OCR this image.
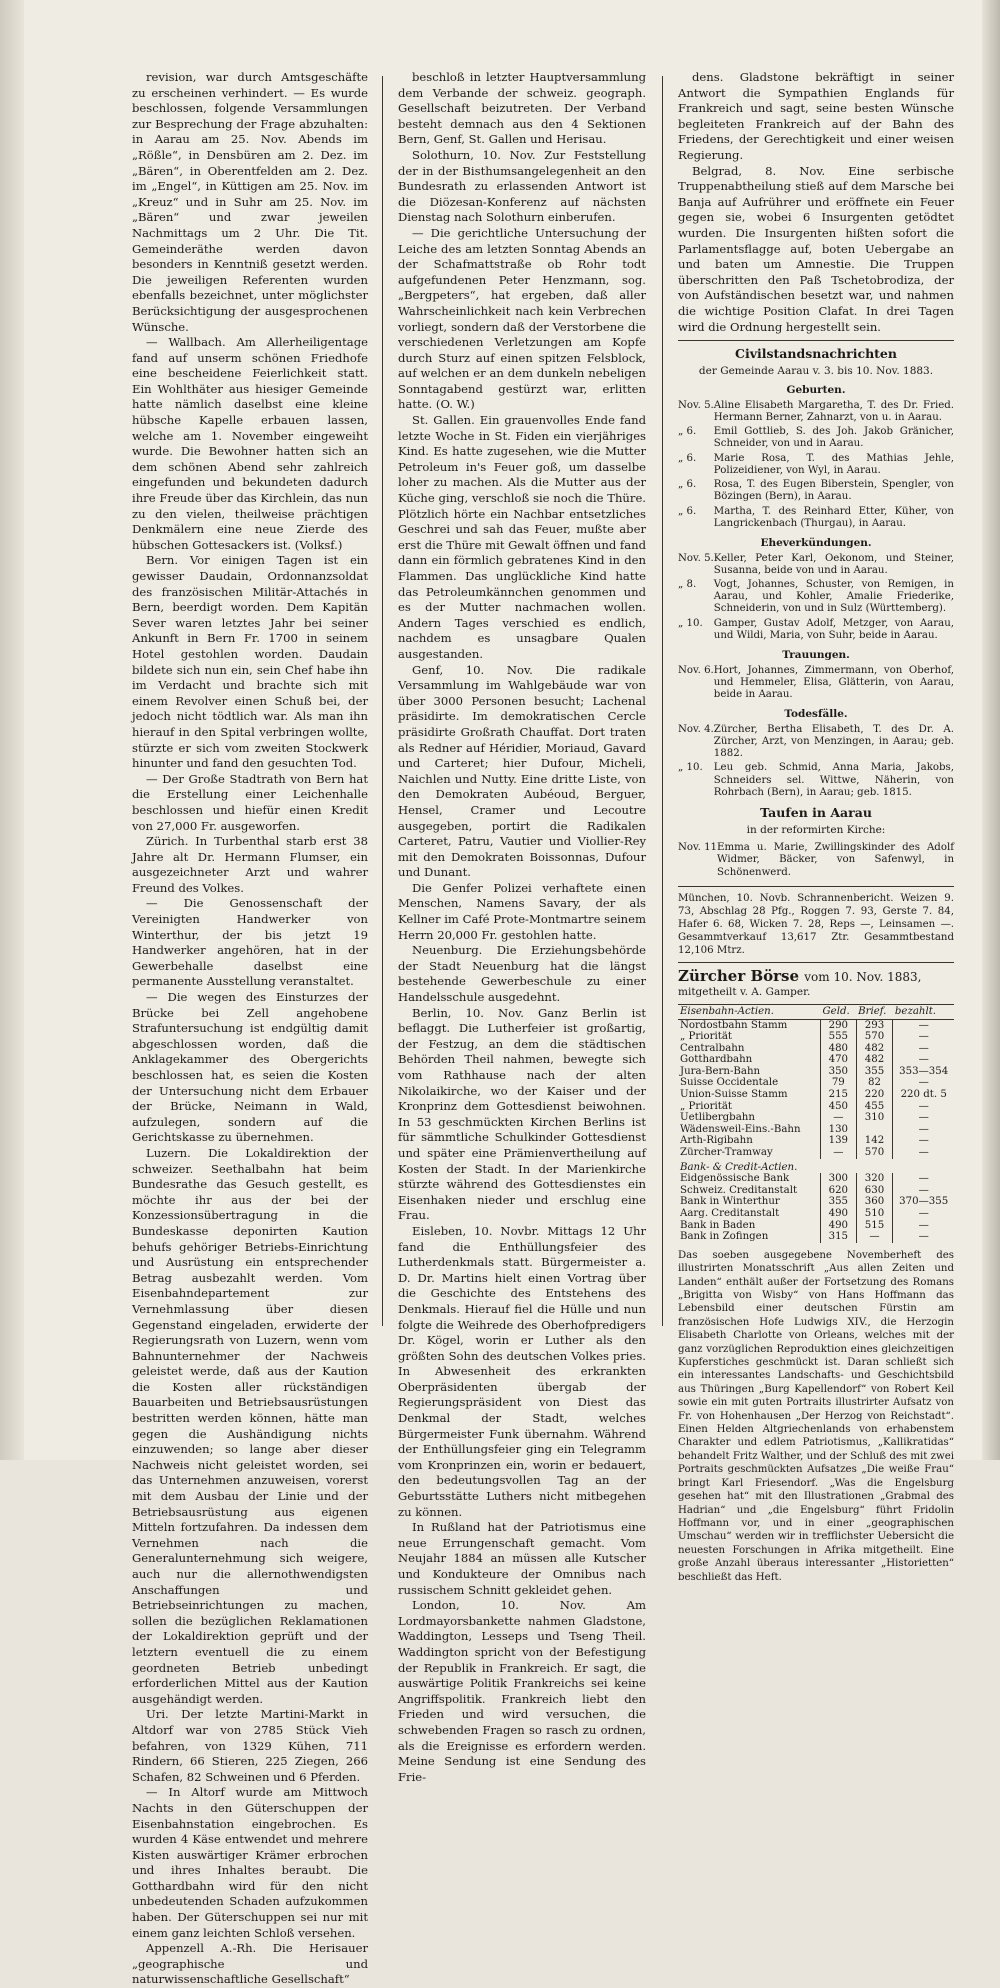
revision, war durch Amtsgeschäfte zu erscheinen verhindert. — Es wurde beschlossen, folgende Versammlungen zur Besprechung der Frage abzuhalten: in Aarau am 25. Nov. Abends im „Rößle“, in Densbüren am 2. Dez. im „Bären“, in Oberentfelden am 2. Dez. im „Engel“, in Küttigen am 25. Nov. im „Kreuz“ und in Suhr am 25. Nov. im „Bären“ und zwar jeweilen Nachmittags um 2 Uhr. Die Tit. Gemeinderäthe werden davon besonders in Kenntniß gesetzt werden. Die jeweiligen Referenten wurden ebenfalls bezeichnet, unter möglichster Berücksichtigung der ausgesprochenen Wünsche.

— Wallbach. Am Allerheiligentage fand auf unserm schönen Friedhofe eine bescheidene Feierlichkeit statt. Ein Wohlthäter aus hiesiger Gemeinde hatte nämlich daselbst eine kleine hübsche Kapelle erbauen lassen, welche am 1. November eingeweiht wurde. Die Bewohner hatten sich an dem schönen Abend sehr zahlreich eingefunden und bekundeten dadurch ihre Freude über das Kirchlein, das nun zu den vielen, theilweise prächtigen Denkmälern eine neue Zierde des hübschen Gottesackers ist. (Volksf.)

Bern. Vor einigen Tagen ist ein gewisser Daudain, Ordonnanzsoldat des französischen Militär-Attachés in Bern, beerdigt worden. Dem Kapitän Sever waren letztes Jahr bei seiner Ankunft in Bern Fr. 1700 in seinem Hotel gestohlen worden. Daudain bildete sich nun ein, sein Chef habe ihn im Verdacht und brachte sich mit einem Revolver einen Schuß bei, der jedoch nicht tödtlich war. Als man ihn hierauf in den Spital verbringen wollte, stürzte er sich vom zweiten Stockwerk hinunter und fand den gesuchten Tod.

— Der Große Stadtrath von Bern hat die Erstellung einer Leichenhalle beschlossen und hiefür einen Kredit von 27,000 Fr. ausgeworfen.

Zürich. In Turbenthal starb erst 38 Jahre alt Dr. Hermann Flumser, ein ausgezeichneter Arzt und wahrer Freund des Volkes.

— Die Genossenschaft der Vereinigten Handwerker von Winterthur, der bis jetzt 19 Handwerker angehören, hat in der Gewerbehalle daselbst eine permanente Ausstellung veranstaltet.

— Die wegen des Einsturzes der Brücke bei Zell angehobene Strafuntersuchung ist endgültig damit abgeschlossen worden, daß die Anklagekammer des Obergerichts beschlossen hat, es seien die Kosten der Untersuchung nicht dem Erbauer der Brücke, Neimann in Wald, aufzulegen, sondern auf die Gerichtskasse zu übernehmen.

Luzern. Die Lokaldirektion der schweizer. Seethalbahn hat beim Bundesrathe das Gesuch gestellt, es möchte ihr aus der bei der Konzessionsübertragung in die Bundeskasse deponirten Kaution behufs gehöriger Betriebs-Einrichtung und Ausrüstung ein entsprechender Betrag ausbezahlt werden. Vom Eisenbahndepartement zur Vernehmlassung über diesen Gegenstand eingeladen, erwiderte der Regierungsrath von Luzern, wenn vom Bahnunternehmer der Nachweis geleistet werde, daß aus der Kaution die Kosten aller rückständigen Bauarbeiten und Betriebsausrüstungen bestritten werden können, hätte man gegen die Aushändigung nichts einzuwenden; so lange aber dieser Nachweis nicht geleistet worden, sei das Unternehmen anzuweisen, vorerst mit dem Ausbau der Linie und der Betriebsausrüstung aus eigenen Mitteln fortzufahren. Da indessen dem Vernehmen nach die Generalunternehmung sich weigere, auch nur die allernothwendigsten Anschaffungen und Betriebseinrichtungen zu machen, sollen die bezüglichen Reklamationen der Lokaldirektion geprüft und der letztern eventuell die zu einem geordneten Betrieb unbedingt erforderlichen Mittel aus der Kaution ausgehändigt werden.

Uri. Der letzte Martini-Markt in Altdorf war von 2785 Stück Vieh befahren, von 1329 Kühen, 711 Rindern, 66 Stieren, 225 Ziegen, 266 Schafen, 82 Schweinen und 6 Pferden.

— In Altorf wurde am Mittwoch Nachts in den Güterschuppen der Eisenbahnstation eingebrochen. Es wurden 4 Käse entwendet und mehrere Kisten auswärtiger Krämer erbrochen und ihres Inhaltes beraubt. Die Gotthardbahn wird für den nicht unbedeutenden Schaden aufzukommen haben. Der Güterschuppen sei nur mit einem ganz leichten Schloß versehen.

Appenzell A.-Rh. Die Herisauer „geographische und naturwissenschaftliche Gesellschaft“

beschloß in letzter Hauptversammlung dem Verbande der schweiz. geograph. Gesellschaft beizutreten. Der Verband besteht demnach aus den 4 Sektionen Bern, Genf, St. Gallen und Herisau.

Solothurn, 10. Nov. Zur Feststellung der in der Bisthumsangelegenheit an den Bundesrath zu erlassenden Antwort ist die Diözesan-Konferenz auf nächsten Dienstag nach Solothurn einberufen.

— Die gerichtliche Untersuchung der Leiche des am letzten Sonntag Abends an der Schafmattstraße ob Rohr todt aufgefundenen Peter Henzmann, sog. „Bergpeters“, hat ergeben, daß aller Wahrscheinlichkeit nach kein Verbrechen vorliegt, sondern daß der Verstorbene die verschiedenen Verletzungen am Kopfe durch Sturz auf einen spitzen Felsblock, auf welchen er an dem dunkeln nebeligen Sonntagabend gestürzt war, erlitten hatte. (O. W.)

St. Gallen. Ein grauenvolles Ende fand letzte Woche in St. Fiden ein vierjähriges Kind. Es hatte zugesehen, wie die Mutter Petroleum in's Feuer goß, um dasselbe loher zu machen. Als die Mutter aus der Küche ging, verschloß sie noch die Thüre. Plötzlich hörte ein Nachbar entsetzliches Geschrei und sah das Feuer, mußte aber erst die Thüre mit Gewalt öffnen und fand dann ein förmlich gebratenes Kind in den Flammen. Das unglückliche Kind hatte das Petroleumkännchen genommen und es der Mutter nachmachen wollen. Andern Tages verschied es endlich, nachdem es unsagbare Qualen ausgestanden.

Genf, 10. Nov. Die radikale Versammlung im Wahlgebäude war von über 3000 Personen besucht; Lachenal präsidirte. Im demokratischen Cercle präsidirte Großrath Chauffat. Dort traten als Redner auf Héridier, Moriaud, Gavard und Carteret; hier Dufour, Micheli, Naichlen und Nutty. Eine dritte Liste, von den Demokraten Aubéoud, Berguer, Hensel, Cramer und Lecoutre ausgegeben, portirt die Radikalen Carteret, Patru, Vautier und Viollier-Rey mit den Demokraten Boissonnas, Dufour und Dunant.

Die Genfer Polizei verhaftete einen Menschen, Namens Savary, der als Kellner im Café Prote-Montmartre seinem Herrn 20,000 Fr. gestohlen hatte.

Neuenburg. Die Erziehungsbehörde der Stadt Neuenburg hat die längst bestehende Gewerbeschule zu einer Handelsschule ausgedehnt.

Berlin, 10. Nov. Ganz Berlin ist beflaggt. Die Lutherfeier ist großartig, der Festzug, an dem die städtischen Behörden Theil nahmen, bewegte sich vom Rathhause nach der alten Nikolaikirche, wo der Kaiser und der Kronprinz dem Gottesdienst beiwohnen. In 53 geschmückten Kirchen Berlins ist für sämmtliche Schulkinder Gottesdienst und später eine Prämienvertheilung auf Kosten der Stadt. In der Marienkirche stürzte während des Gottesdienstes ein Eisenhaken nieder und erschlug eine Frau.

Eisleben, 10. Novbr. Mittags 12 Uhr fand die Enthüllungsfeier des Lutherdenkmals statt. Bürgermeister a. D. Dr. Martins hielt einen Vortrag über die Geschichte des Entstehens des Denkmals. Hierauf fiel die Hülle und nun folgte die Weihrede des Oberhofpredigers Dr. Kögel, worin er Luther als den größten Sohn des deutschen Volkes pries. In Abwesenheit des erkrankten Oberpräsidenten übergab der Regierungspräsident von Diest das Denkmal der Stadt, welches Bürgermeister Funk übernahm. Während der Enthüllungsfeier ging ein Telegramm vom Kronprinzen ein, worin er bedauert, den bedeutungsvollen Tag an der Geburtsstätte Luthers nicht mitbegehen zu können.

In Rußland hat der Patriotismus eine neue Errungenschaft gemacht. Vom Neujahr 1884 an müssen alle Kutscher und Kondukteure der Omnibus nach russischem Schnitt gekleidet gehen.

London, 10. Nov. Am Lordmayorsbankette nahmen Gladstone, Waddington, Lesseps und Tseng Theil. Waddington spricht von der Befestigung der Republik in Frankreich. Er sagt, die auswärtige Politik Frankreichs sei keine Angriffspolitik. Frankreich liebt den Frieden und wird versuchen, die schwebenden Fragen so rasch zu ordnen, als die Ereignisse es erfordern werden. Meine Sendung ist eine Sendung des Frie-

dens. Gladstone bekräftigt in seiner Antwort die Sympathien Englands für Frankreich und sagt, seine besten Wünsche begleiteten Frankreich auf der Bahn des Friedens, der Gerechtigkeit und einer weisen Regierung.

Belgrad, 8. Nov. Eine serbische Truppenabtheilung stieß auf dem Marsche bei Banja auf Aufrührer und eröffnete ein Feuer gegen sie, wobei 6 Insurgenten getödtet wurden. Die Insurgenten hißten sofort die Parlamentsflagge auf, boten Uebergabe an und baten um Amnestie. Die Truppen überschritten den Paß Tschetobrodiza, der von Aufständischen besetzt war, und nahmen die wichtige Position Clafat. In drei Tagen wird die Ordnung hergestellt sein.

Civilstandsnachrichten
der Gemeinde Aarau v. 3. bis 10. Nov. 1883.
Geburten.
Nov. 5.	Aline Elisabeth Margaretha, T. des Dr. Fried. Hermann Berner, Zahnarzt, von u. in Aarau.
„ 6.	Emil Gottlieb, S. des Joh. Jakob Gränicher, Schneider, von und in Aarau.
„ 6.	Marie Rosa, T. des Mathias Jehle, Polizeidiener, von Wyl, in Aarau.
„ 6.	Rosa, T. des Eugen Biberstein, Spengler, von Bözingen (Bern), in Aarau.
„ 6.	Martha, T. des Reinhard Etter, Küher, von Langrickenbach (Thurgau), in Aarau.
Eheverkündungen.
Nov. 5.	Keller, Peter Karl, Oekonom, und Steiner, Susanna, beide von und in Aarau.
„ 8.	Vogt, Johannes, Schuster, von Remigen, in Aarau, und Kohler, Amalie Friederike, Schneiderin, von und in Sulz (Württemberg).
„ 10.	Gamper, Gustav Adolf, Metzger, von Aarau, und Wildi, Maria, von Suhr, beide in Aarau.
Trauungen.
Nov. 6.	Hort, Johannes, Zimmermann, von Oberhof, und Hemmeler, Elisa, Glätterin, von Aarau, beide in Aarau.
Todesfälle.
Nov. 4.	Zürcher, Bertha Elisabeth, T. des Dr. A. Zürcher, Arzt, von Menzingen, in Aarau; geb. 1882.
„ 10.	Leu geb. Schmid, Anna Maria, Jakobs, Schneiders sel. Wittwe, Näherin, von Rohrbach (Bern), in Aarau; geb. 1815.
Taufen in Aarau
in der reformirten Kirche:
Nov. 11	Emma u. Marie, Zwillingskinder des Adolf Widmer, Bäcker, von Safenwyl, in Schönenwerd.
München, 10. Novb. Schrannenbericht. Weizen 9. 73, Abschlag 28 Pfg., Roggen 7. 93, Gerste 7. 84, Hafer 6. 68, Wicken 7. 28, Reps —, Leinsamen —. Gesammtverkauf 13,617 Ztr. Gesammtbestand 12,106 Mtrz.
Zürcher Börse vom 10. Nov. 1883,
mitgetheilt v. A. Gamper.
Eisenbahn-Actien.	Geld.	Brief.	bezahlt.
Nordostbahn Stamm	290	293	—
„ Priorität	555	570	—
Centralbahn	480	482	—
Gotthardbahn	470	482	—
Jura-Bern-Bahn	350	355	353—354
Suisse Occidentale	79	82	—
Union-Suisse Stamm	215	220	220 dt. 5
„ Priorität	450	455	—
Uetlibergbahn	—	310	—
Wädensweil-Eins.-Bahn	130		—
Arth-Rigibahn	139	142	—
Zürcher-Tramway	—	570	—
Bank- & Credit-Actien.			
Eidgenössische Bank	300	320	—
Schweiz. Creditanstalt	620	630	—
Bank in Winterthur	355	360	370—355
Aarg. Creditanstalt	490	510	—
Bank in Baden	490	515	—
Bank in Zofingen	315	—	—
Das soeben ausgegebene Novemberheft des illustrirten Monatsschrift „Aus allen Zeiten und Landen“ enthält außer der Fortsetzung des Romans „Brigitta von Wisby“ von Hans Hoffmann das Lebensbild einer deutschen Fürstin am französischen Hofe Ludwigs XIV., die Herzogin Elisabeth Charlotte von Orleans, welches mit der ganz vorzüglichen Reproduktion eines gleichzeitigen Kupferstiches geschmückt ist. Daran schließt sich ein interessantes Landschafts- und Geschichtsbild aus Thüringen „Burg Kapellendorf“ von Robert Keil sowie ein mit guten Portraits illustrirter Aufsatz von Fr. von Hohenhausen „Der Herzog von Reichstadt“. Einen Helden Altgriechenlands von erhabenstem Charakter und edlem Patriotismus, „Kallikratidas“ behandelt Fritz Walther, und der Schluß des mit zwei Portraits geschmückten Aufsatzes „Die weiße Frau“ bringt Karl Friesendorf. „Was die Engelsburg gesehen hat“ mit den Illustrationen „Grabmal des Hadrian“ und „die Engelsburg“ führt Fridolin Hoffmann vor, und in einer „geographischen Umschau“ werden wir in trefflichster Uebersicht die neuesten Forschungen in Afrika mitgetheilt. Eine große Anzahl überaus interessanter „Historietten“ beschließt das Heft.
